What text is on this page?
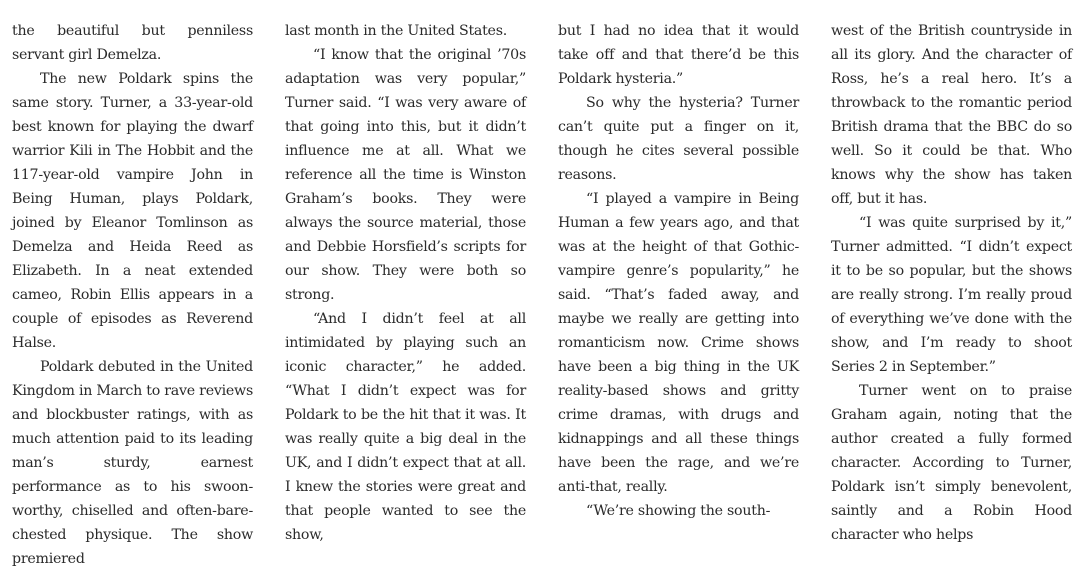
the beautiful but penniless servant girl Demelza.

The new Poldark spins the same story. Turner, a 33-year-old best known for playing the dwarf warrior Kili in The Hobbit and the 117-year-old vampire John in Being Human, plays Poldark, joined by Eleanor Tomlinson as Demelza and Heida Reed as Elizabeth. In a neat extended cameo, Robin Ellis appears in a couple of episodes as Reverend Halse.

Poldark debuted in the United Kingdom in March to rave reviews and blockbuster ratings, with as much attention paid to its leading man’s sturdy, earnest performance as to his swoon-worthy, chiselled and often-bare-chested physique. The show premiered

last month in the United States.

“I know that the original ’70s adaptation was very popular,” Turner said. “I was very aware of that going into this, but it didn’t influence me at all. What we reference all the time is Winston Graham’s books. They were always the source material, those and Debbie Horsfield’s scripts for our show. They were both so strong.

“And I didn’t feel at all intimidated by playing such an iconic character,” he added. “What I didn’t expect was for Poldark to be the hit that it was. It was really quite a big deal in the UK, and I didn’t expect that at all. I knew the stories were great and that people wanted to see the show,

but I had no idea that it would take off and that there’d be this Poldark hysteria.”

So why the hysteria? Turner can’t quite put a finger on it, though he cites several possible reasons.

“I played a vampire in Being Human a few years ago, and that was at the height of that Gothic-vampire genre’s popularity,” he said. “That’s faded away, and maybe we really are getting into romanticism now. Crime shows have been a big thing in the UK reality-based shows and gritty crime dramas, with drugs and kidnappings and all these things have been the rage, and we’re anti-that, really.

“We’re showing the south-

west of the British countryside in all its glory. And the character of Ross, he’s a real hero. It’s a throwback to the romantic period British drama that the BBC do so well. So it could be that. Who knows why the show has taken off, but it has.

“I was quite surprised by it,” Turner admitted. “I didn’t expect it to be so popular, but the shows are really strong. I’m really proud of everything we’ve done with the show, and I’m ready to shoot Series 2 in September.”

Turner went on to praise Graham again, noting that the author created a fully formed character. According to Turner, Poldark isn’t simply benevolent, saintly and a Robin Hood character who helps
